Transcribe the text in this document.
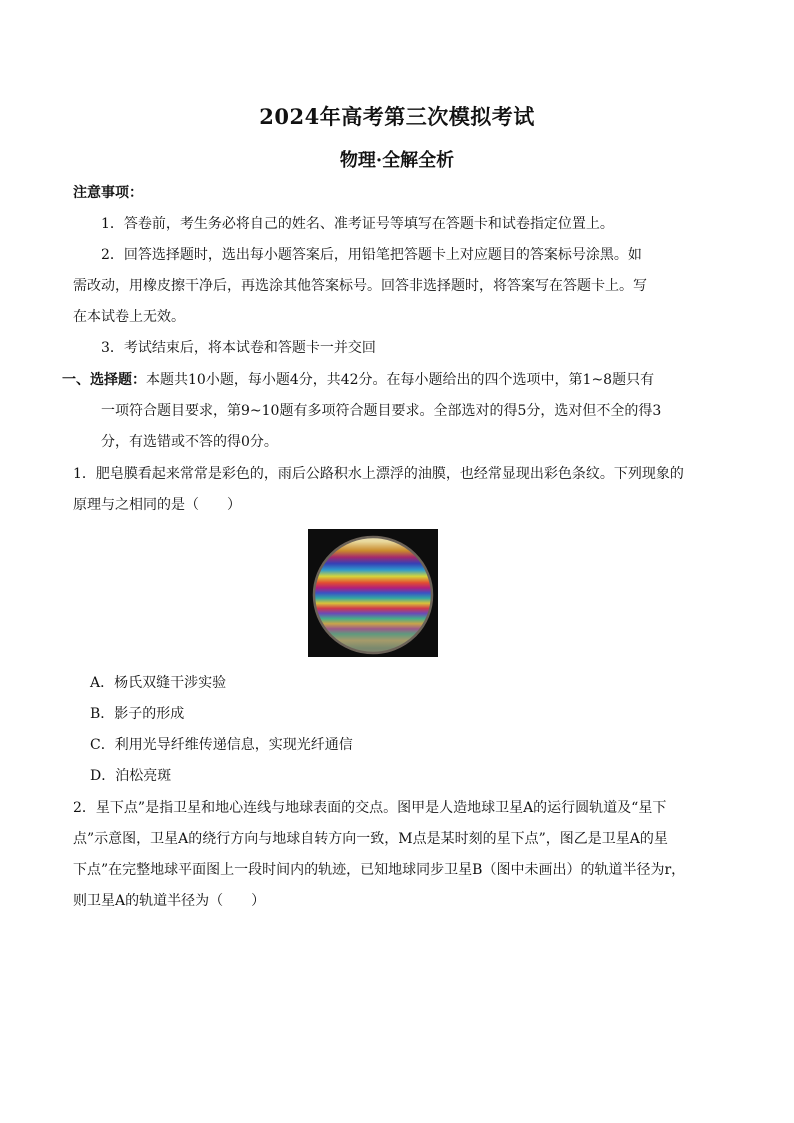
2024年高考第三次模拟考试
物理·全解全析
注意事项：
1．答卷前，考生务必将自己的姓名、准考证号等填写在答题卡和试卷指定位置上。
2．回答选择题时，选出每小题答案后，用铅笔把答题卡上对应题目的答案标号涂黑。如
需改动，用橡皮擦干净后，再选涂其他答案标号。回答非选择题时，将答案写在答题卡上。写
在本试卷上无效。
3．考试结束后，将本试卷和答题卡一并交回
一、选择题：本题共10小题，每小题4分，共42分。在每小题给出的四个选项中，第1~8题只有
一项符合题目要求，第9~10题有多项符合题目要求。全部选对的得5分，选对但不全的得3
分，有选错或不答的得0分。
1．肥皂膜看起来常常是彩色的，雨后公路积水上漂浮的油膜，也经常显现出彩色条纹。下列现象的
原理与之相同的是（　　）
A．杨氏双缝干涉实验
B．影子的形成
C．利用光导纤维传递信息，实现光纤通信
D．泊松亮斑
2．星下点”是指卫星和地心连线与地球表面的交点。图甲是人造地球卫星A的运行圆轨道及“星下
点”示意图，卫星A的绕行方向与地球自转方向一致，M点是某时刻的星下点”，图乙是卫星A的星
下点”在完整地球平面图上一段时间内的轨迹，已知地球同步卫星B（图中未画出）的轨道半径为r，
则卫星A的轨道半径为（　　）
